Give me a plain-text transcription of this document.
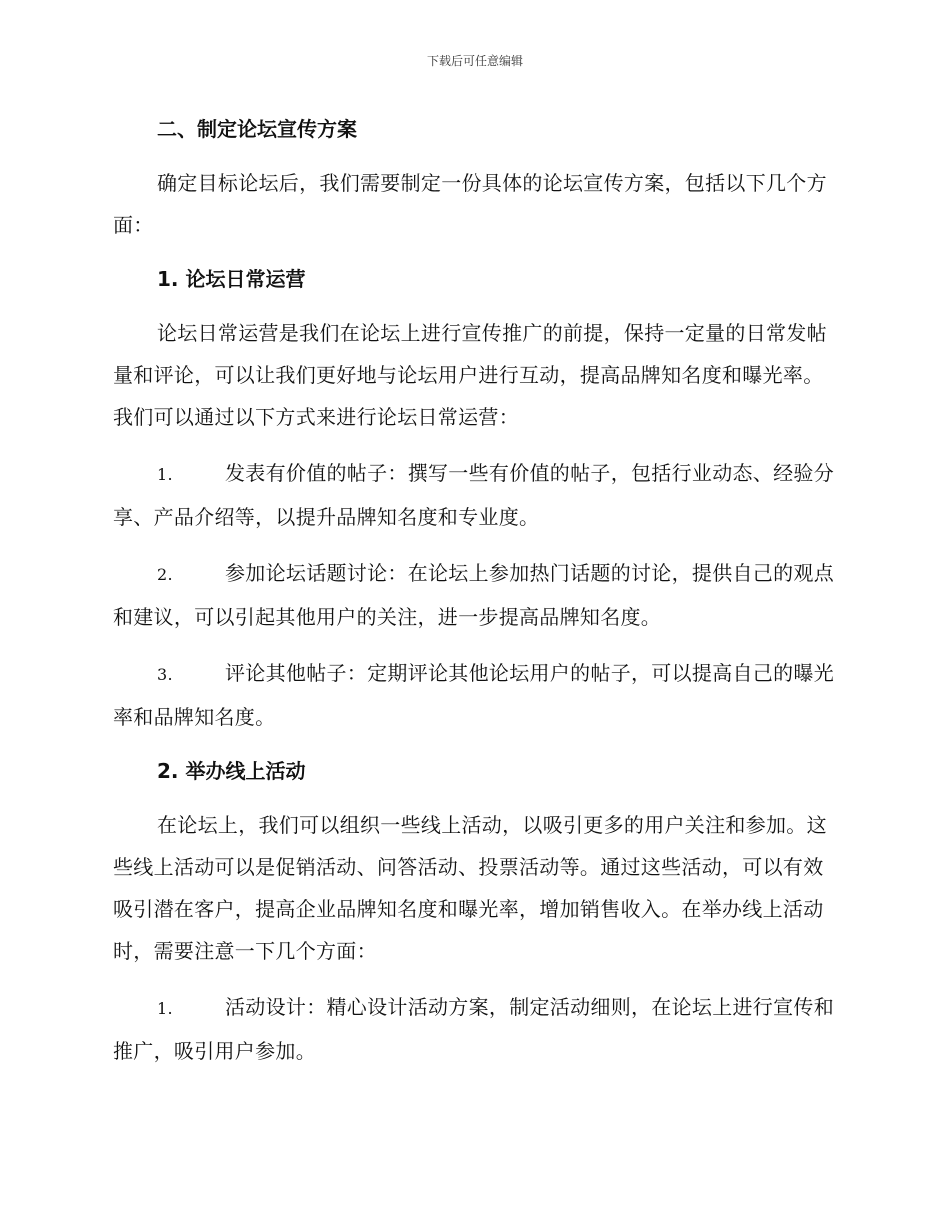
下载后可任意编辑

二、制定论坛宣传方案

确定目标论坛后，我们需要制定一份具体的论坛宣传方案，包括以下几个方面：

1. 论坛日常运营

论坛日常运营是我们在论坛上进行宣传推广的前提，保持一定量的日常发帖量和评论，可以让我们更好地与论坛用户进行互动，提高品牌知名度和曝光率。我们可以通过以下方式来进行论坛日常运营：

1.	发表有价值的帖子：撰写一些有价值的帖子，包括行业动态、经验分享、产品介绍等，以提升品牌知名度和专业度。

2.	参加论坛话题讨论：在论坛上参加热门话题的讨论，提供自己的观点和建议，可以引起其他用户的关注，进一步提高品牌知名度。

3.	评论其他帖子：定期评论其他论坛用户的帖子，可以提高自己的曝光率和品牌知名度。

2. 举办线上活动

在论坛上，我们可以组织一些线上活动，以吸引更多的用户关注和参加。这些线上活动可以是促销活动、问答活动、投票活动等。通过这些活动，可以有效吸引潜在客户，提高企业品牌知名度和曝光率，增加销售收入。在举办线上活动时，需要注意一下几个方面：

1.	活动设计：精心设计活动方案，制定活动细则，在论坛上进行宣传和推广，吸引用户参加。
